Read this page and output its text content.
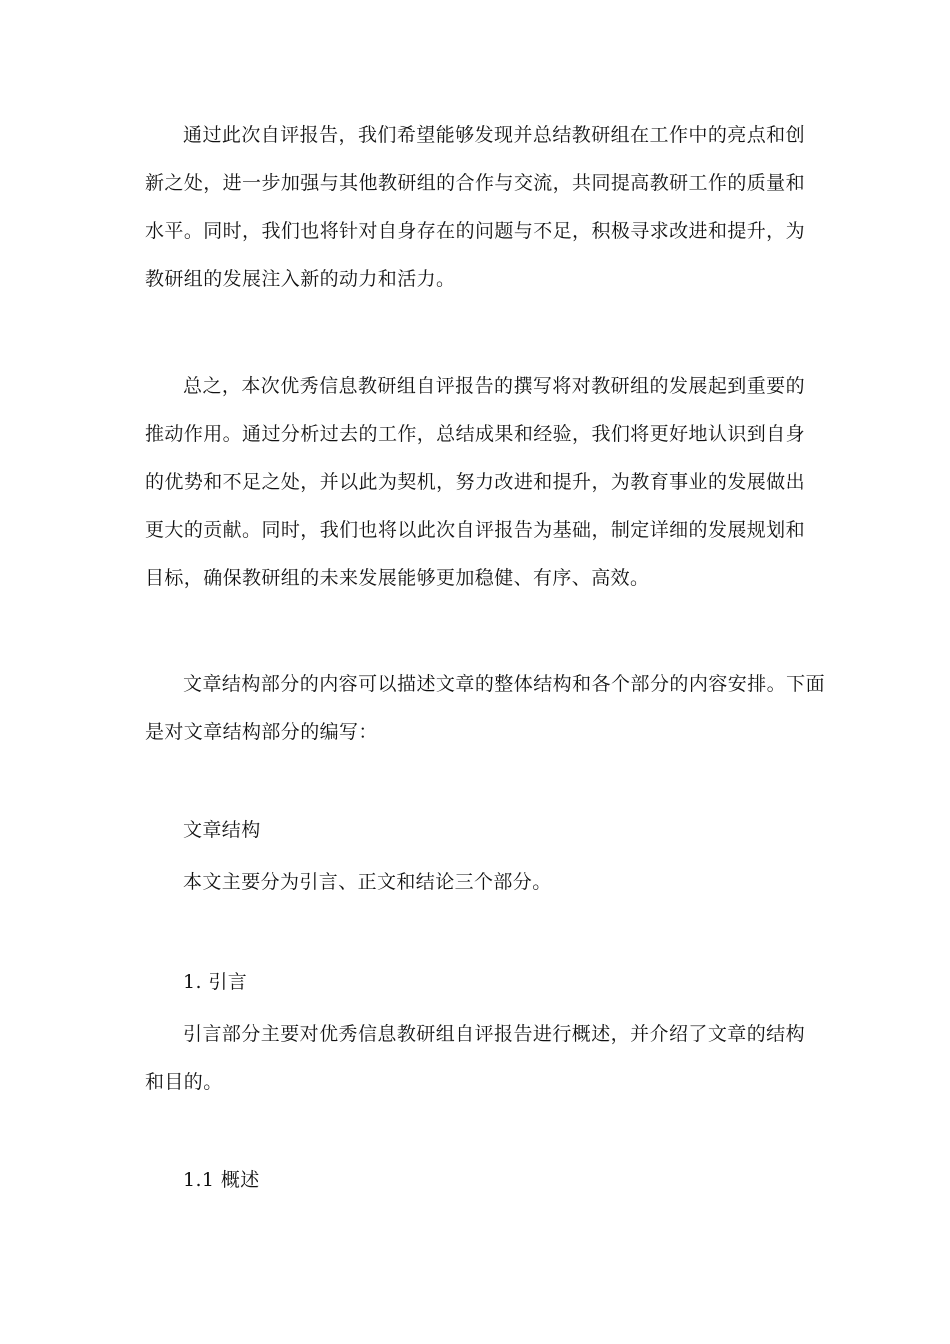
通过此次自评报告，我们希望能够发现并总结教研组在工作中的亮点和创新之处，进一步加强与其他教研组的合作与交流，共同提高教研工作的质量和水平。同时，我们也将针对自身存在的问题与不足，积极寻求改进和提升，为教研组的发展注入新的动力和活力。

总之，本次优秀信息教研组自评报告的撰写将对教研组的发展起到重要的推动作用。通过分析过去的工作，总结成果和经验，我们将更好地认识到自身的优势和不足之处，并以此为契机，努力改进和提升，为教育事业的发展做出更大的贡献。同时，我们也将以此次自评报告为基础，制定详细的发展规划和目标，确保教研组的未来发展能够更加稳健、有序、高效。

文章结构部分的内容可以描述文章的整体结构和各个部分的内容安排。下面是对文章结构部分的编写：

文章结构

本文主要分为引言、正文和结论三个部分。

1. 引言

引言部分主要对优秀信息教研组自评报告进行概述，并介绍了文章的结构和目的。

1.1 概述
